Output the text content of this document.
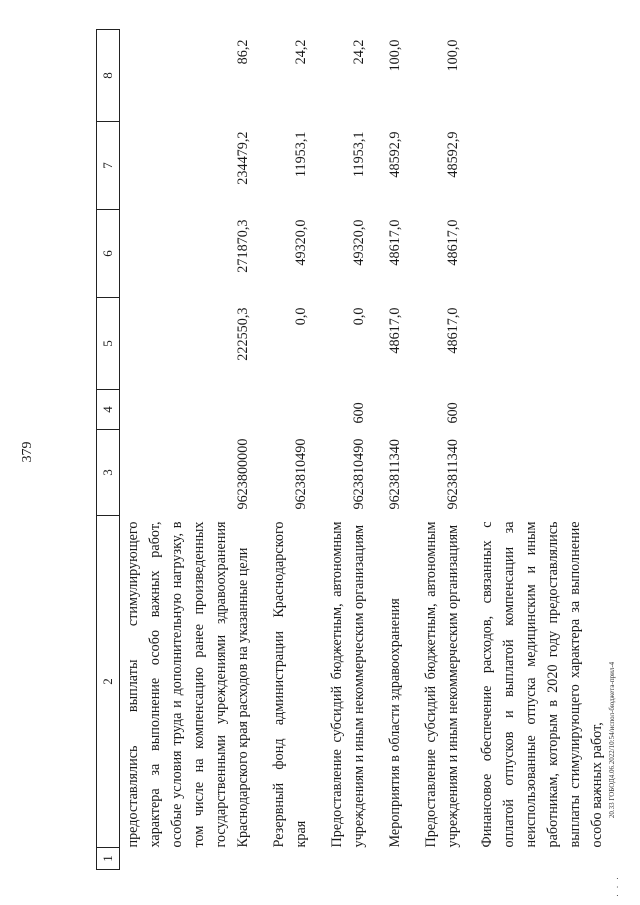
379
1	2	3	4	5	6	7	8
	предоставлялись выплаты стимулирующего характера за выполнение особо важных работ, особые условия труда и дополнительную нагрузку, в том числе на компенсацию ранее произведенных государственными учреждениями здравоохранения Краснодарского края расходов на указанные цели	9623800000		222550,3	271870,3	234479,2	86,2
	Резервный фонд администрации Краснодарского края	9623810490		0,0	49320,0	11953,1	24,2
	Предоставление субсидий бюджетным, автономным учреждениям и иным некоммерческим организациям	9623810490	600	0,0	49320,0	11953,1	24,2
	Мероприятия в области здравоохранения	9623811340		48617,0	48617,0	48592,9	100,0
	Предоставление субсидий бюджетным, автономным учреждениям и иным некоммерческим организациям	9623811340	600	48617,0	48617,0	48592,9	100,0
	Финансовое обеспечение расходов, связанных с оплатой отпусков и выплатой компенсации за неиспользованные отпуска медицинским и иным работникам, которым в 2020 году предоставлялись выплаты стимулирующего характера за выполнение особо важных работ,						20.33 ГОБОД4.06.2022/10:54/испол-бюджета-прил-4
. . .
